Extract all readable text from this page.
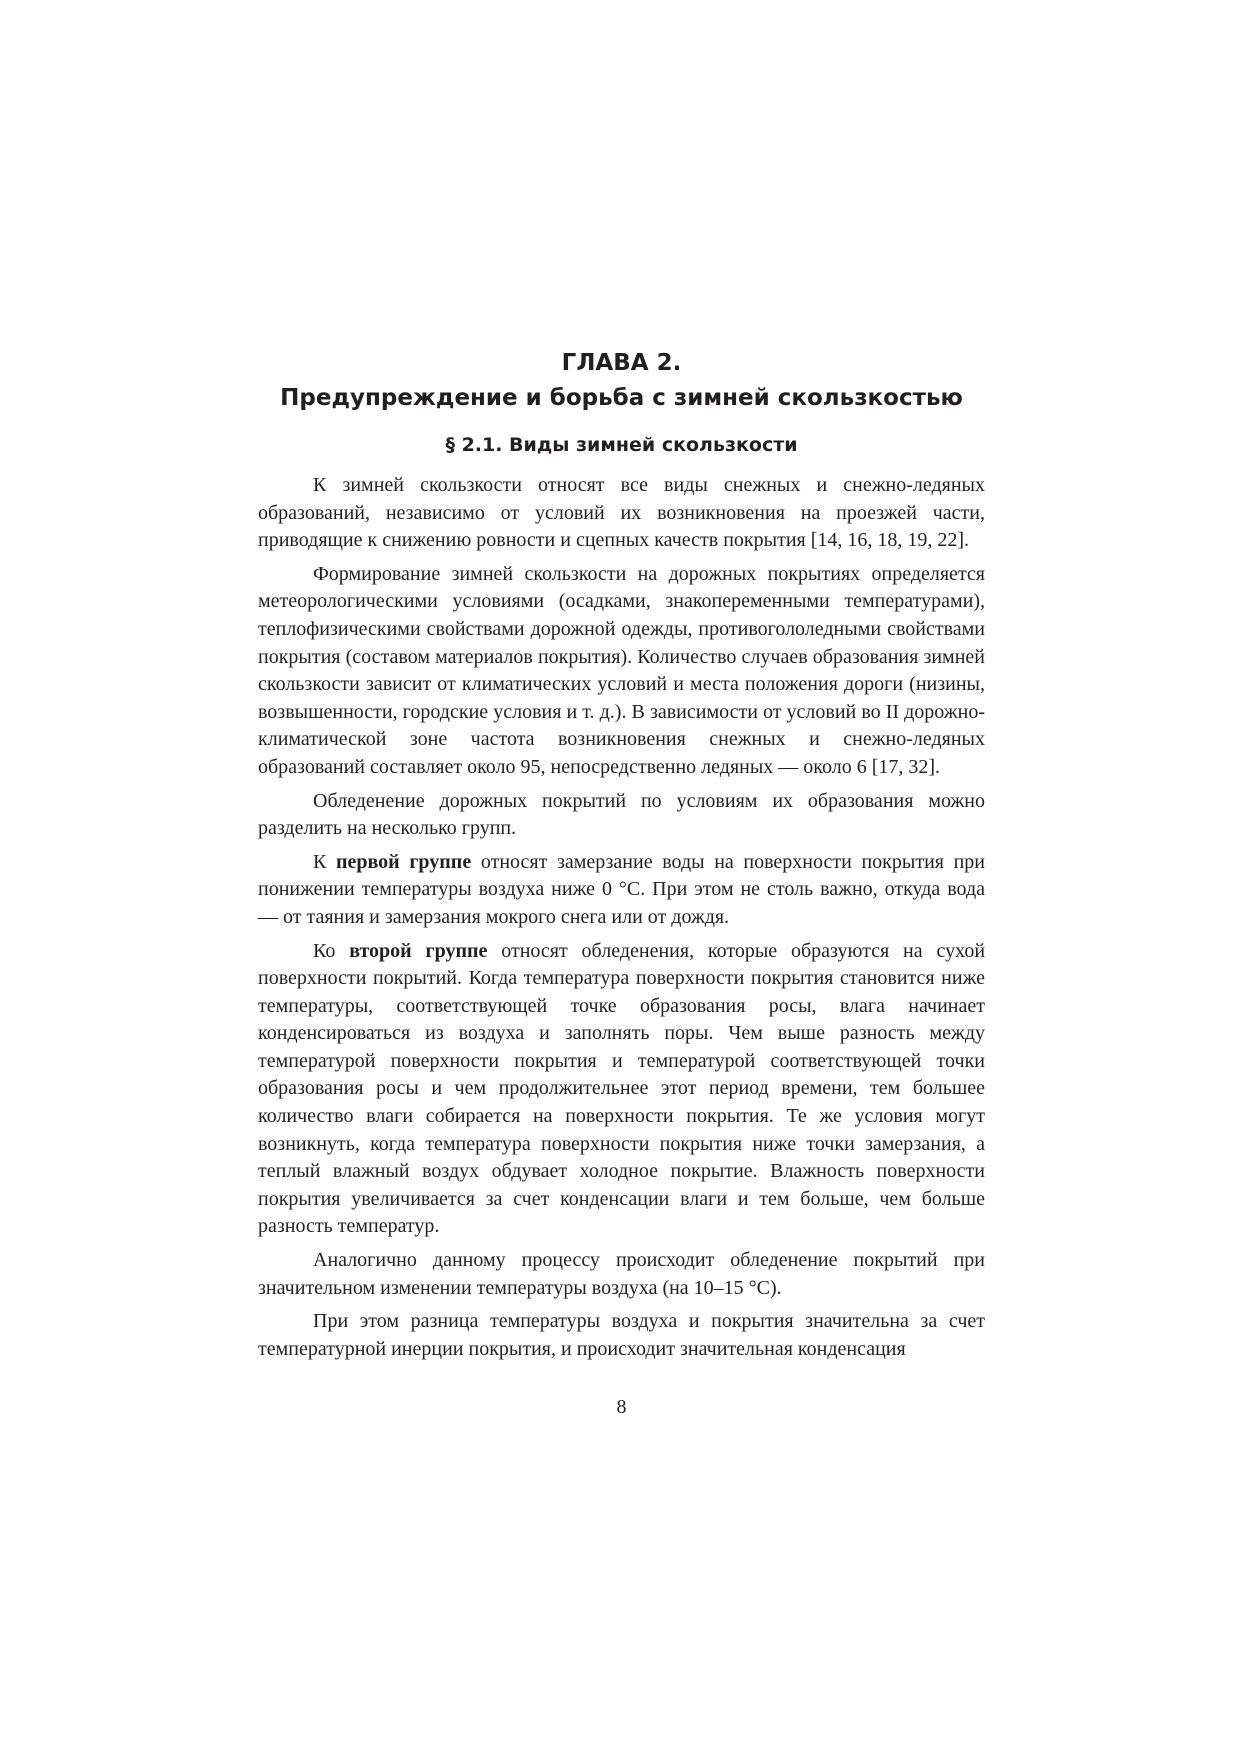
ГЛАВА 2.
Предупреждение и борьба с зимней скользкостью
§ 2.1. Виды зимней скользкости

К зимней скользкости относят все виды снежных и снежно-ледяных образований, независимо от условий их возникновения на проезжей части, приводящие к снижению ровности и сцепных качеств покрытия [14, 16, 18, 19, 22].

Формирование зимней скользкости на дорожных покрытиях определяется метеорологическими условиями (осадками, знакопеременными температурами), теплофизическими свойствами дорожной одежды, противогололедными свойствами покрытия (составом материалов покрытия). Количество случаев образования зимней скользкости зависит от климатических условий и места положения дороги (низины, возвышенности, городские условия и т. д.). В зависимости от условий во II дорожно-климатической зоне частота возникновения снежных и снежно-ледяных образований составляет около 95, непосредственно ледяных — около 6 [17, 32].

Обледенение дорожных покрытий по условиям их образования можно разделить на несколько групп.

К первой группе относят замерзание воды на поверхности покрытия при понижении температуры воздуха ниже 0 °С. При этом не столь важно, откуда вода — от таяния и замерзания мокрого снега или от дождя.

Ко второй группе относят обледенения, которые образуются на сухой поверхности покрытий. Когда температура поверхности покрытия становится ниже температуры, соответствующей точке образования росы, влага начинает конденсироваться из воздуха и заполнять поры. Чем выше разность между температурой поверхности покрытия и температурой соответствующей точки образования росы и чем продолжительнее этот период времени, тем большее количество влаги собирается на поверхности покрытия. Те же условия могут возникнуть, когда температура поверхности покрытия ниже точки замерзания, а теплый влажный воздух обдувает холодное покрытие. Влажность поверхности покрытия увеличивается за счет конденсации влаги и тем больше, чем больше разность температур.

Аналогично данному процессу происходит обледенение покрытий при значительном изменении температуры воздуха (на 10–15 °С).

При этом разница температуры воздуха и покрытия значительна за счет температурной инерции покрытия, и происходит значительная конденсация

8
